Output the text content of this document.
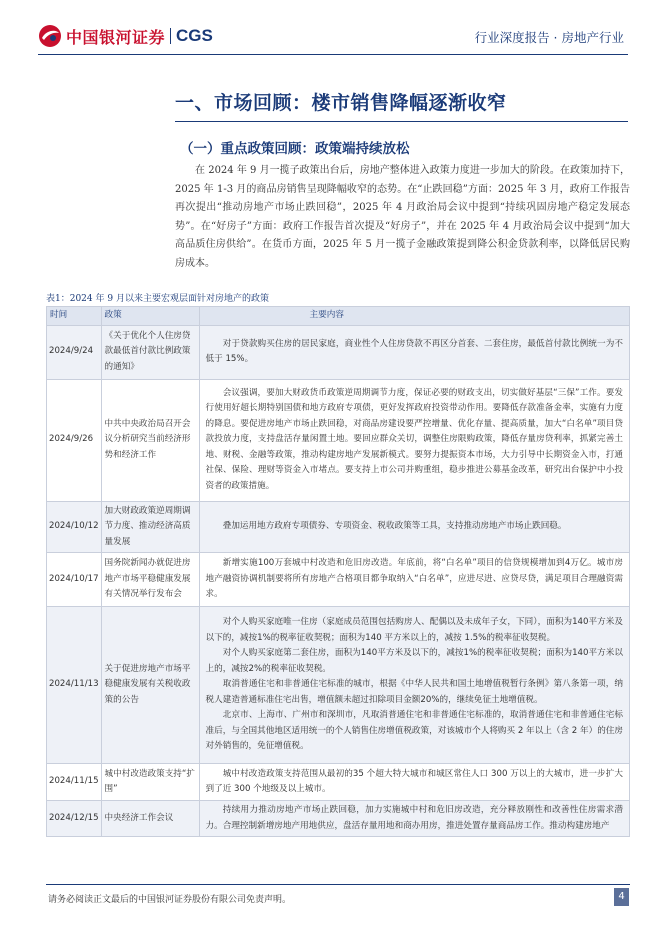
中国银河证券 CGS	行业深度报告 · 房地产行业
一、市场回顾：楼市销售降幅逐渐收窄
（一）重点政策回顾：政策端持续放松

在 2024 年 9 月一揽子政策出台后，房地产整体进入政策力度进一步加大的阶段。在政策加持下，2025 年 1-3 月的商品房销售呈现降幅收窄的态势。在“止跌回稳”方面：2025 年 3 月，政府工作报告再次提出“推动房地产市场止跌回稳”，2025 年 4 月政治局会议中提到“持续巩固房地产稳定发展态势”。在“好房子”方面：政府工作报告首次提及“好房子”，并在 2025 年 4 月政治局会议中提到“加大高品质住房供给”。在货币方面，2025 年 5 月一揽子金融政策提到降公积金贷款利率，以降低居民购房成本。

表1：2024 年 9 月以来主要宏观层面针对房地产的政策
时间	政策	主要内容
2024/9/24	《关于优化个人住房贷款最低首付款比例政策的通知》	对于贷款购买住房的居民家庭，商业性个人住房贷款不再区分首套、二套住房，最低首付款比例统一为不低于 15%。

2024/9/26	中共中央政治局召开会议分析研究当前经济形势和经济工作	会议强调，要加大财政货币政策逆周期调节力度，保证必要的财政支出，切实做好基层“三保”工作。要发行使用好超长期特别国债和地方政府专项债，更好发挥政府投资带动作用。要降低存款准备金率，实施有力度的降息。要促进房地产市场止跌回稳，对商品房建设要严控增量、优化存量、提高质量，加大“白名单”项目贷款投放力度，支持盘活存量闲置土地。要回应群众关切，调整住房限购政策，降低存量房贷利率，抓紧完善土地、财税、金融等政策，推动构建房地产发展新模式。要努力提振资本市场，大力引导中长期资金入市，打通社保、保险、理财等资金入市堵点。要支持上市公司并购重组，稳步推进公募基金改革，研究出台保护中小投资者的政策措施。

2024/10/12	加大财政政策逆周期调节力度、推动经济高质量发展	叠加运用地方政府专项债券、专项资金、税收政策等工具，支持推动房地产市场止跌回稳。

2024/10/17	国务院新闻办就促进房地产市场平稳健康发展有关情况举行发布会	新增实施100万套城中村改造和危旧房改造。年底前，将“白名单”项目的信贷规模增加到4万亿。城市房地产融资协调机制要将所有房地产合格项目都争取纳入“白名单”，应进尽进、应贷尽贷，满足项目合理融资需求。

2024/11/13	关于促进房地产市场平稳健康发展有关税收政策的公告	对个人购买家庭唯一住房（家庭成员范围包括购房人、配偶以及未成年子女，下同），面积为140平方米及以下的，减按1%的税率征收契税；面积为140 平方米以上的，减按 1.5%的税率征收契税。
对个人购买家庭第二套住房，面积为140平方米及以下的，减按1%的税率征收契税；面积为140平方米以上的，减按2%的税率征收契税。
取消普通住宅和非普通住宅标准的城市，根据《中华人民共和国土地增值税暂行条例》第八条第一项，纳税人建造普通标准住宅出售，增值额未超过扣除项目金额20%的，继续免征土地增值税。
北京市、上海市、广州市和深圳市，凡取消普通住宅和非普通住宅标准的，取消普通住宅和非普通住宅标准后，与全国其他地区适用统一的个人销售住房增值税政策，对该城市个人将购买 2 年以上（含 2 年）的住房对外销售的，免征增值税。

2024/11/15	城中村改造政策支持“扩围”	城中村改造政策支持范围从最初的35 个超大特大城市和城区常住人口 300 万以上的大城市，进一步扩大到了近 300 个地级及以上城市。

2024/12/15	中央经济工作会议	持续用力推动房地产市场止跌回稳，加力实施城中村和危旧房改造，充分释放刚性和改善性住房需求潜力。合理控制新增房地产用地供应，盘活存量用地和商办用房，推进处置存量商品房工作。推动构建房地产
请务必阅读正文最后的中国银河证券股份有限公司免责声明。	4
